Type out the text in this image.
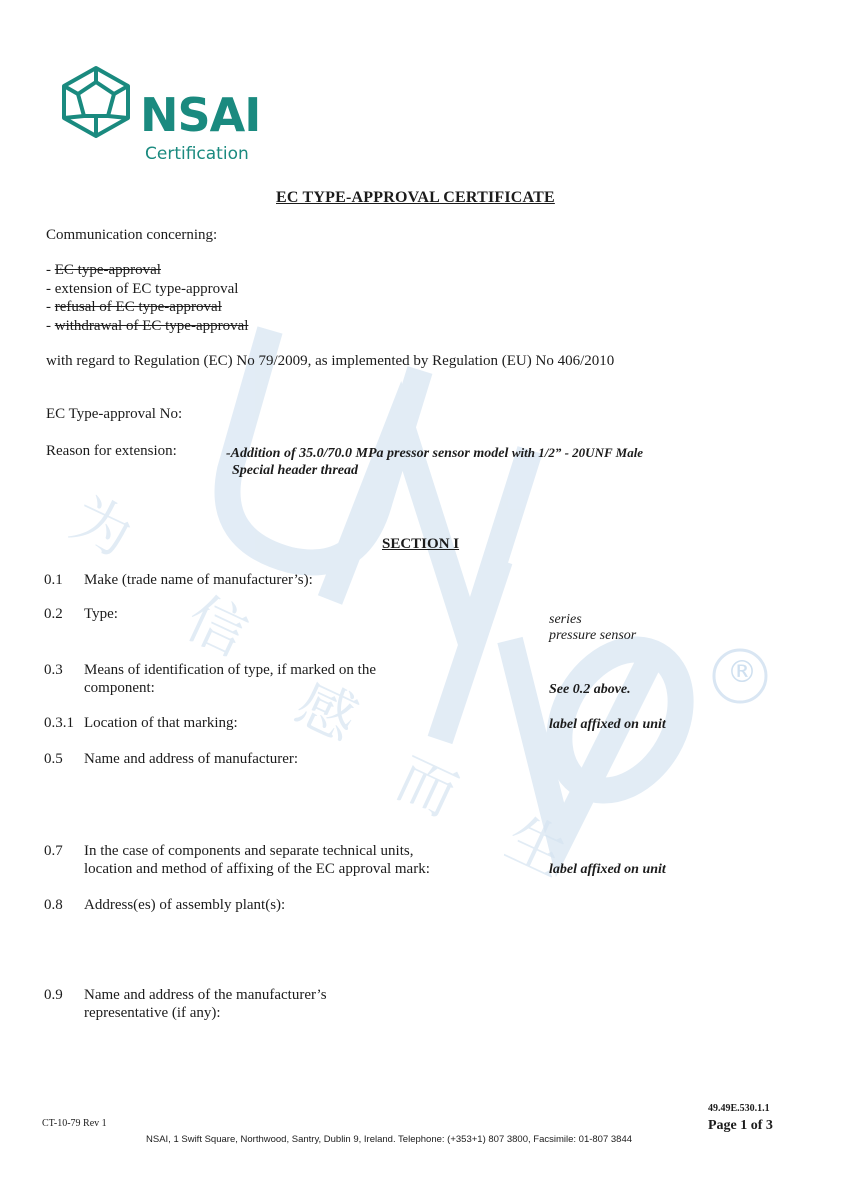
®
为
信
感
而
生
NSAI
Certification
EC TYPE-APPROVAL CERTIFICATE
Communication concerning:
- EC type-approval
- extension of EC type-approval
- refusal of EC type-approval
- withdrawal of EC type-approval
with regard to Regulation (EC) No 79/2009, as implemented by Regulation (EU) No 406/2010
EC Type-approval No:
Reason for extension:	-Addition of 35.0/70.0 MPa pressor sensor model with 1/2” - 20UNF Male
Special header thread
SECTION I
0.1 Make (trade name of manufacturer’s):
0.2 Type:	series
pressure sensor
0.3 Means of identification of type, if marked on the
component:	See 0.2 above.
0.3.1 Location of that marking:	label affixed on unit
0.5 Name and address of manufacturer:
0.7 In the case of components and separate technical units,
location and method of affixing of the EC approval mark:	label affixed on unit
0.8 Address(es) of assembly plant(s):
0.9 Name and address of the manufacturer’s
representative (if any):
CT-10-79 Rev 1
NSAI, 1 Swift Square, Northwood, Santry, Dublin 9, Ireland. Telephone: (+353+1) 807 3800, Facsimile: 01-807 3844
49.49E.530.1.1
Page 1 of 3
